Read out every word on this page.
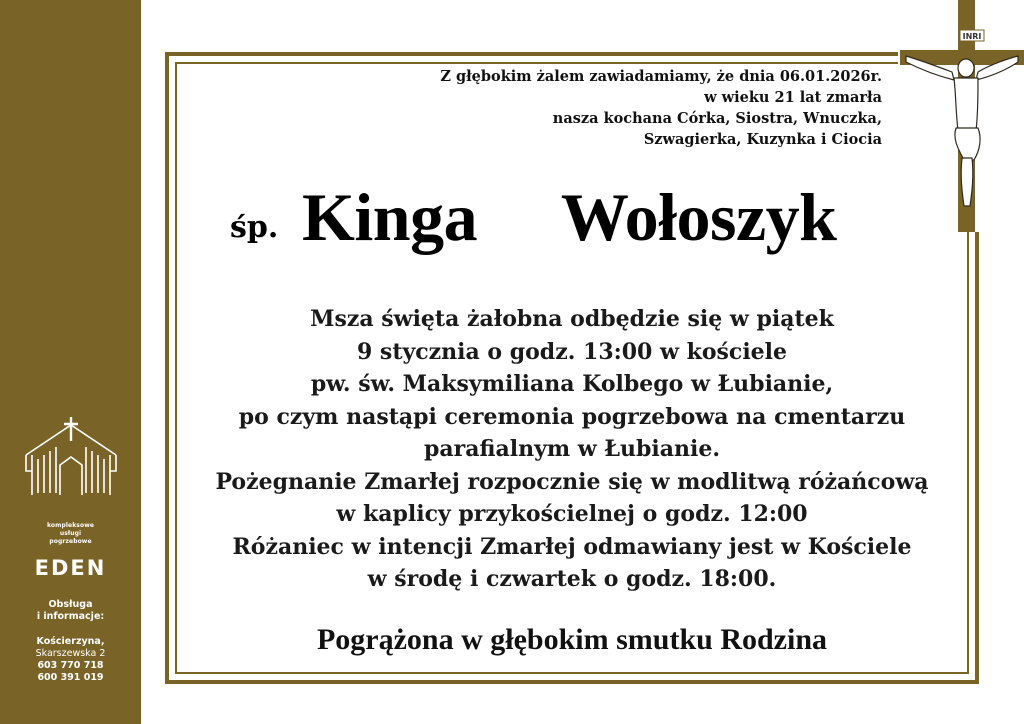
kompleksowe
usługi
pogrzebowe
EDEN
Obsługa
i informacje:
Kościerzyna,
Skarszewska 2
603 770 718
600 391 019
INRI
Z głębokim żalem zawiadamiamy, że dnia 06.01.2026r.
w wieku 21 lat zmarła
nasza kochana Córka, Siostra, Wnuczka,
Szwagierka, Kuzynka i Ciocia
śp. Kinga  Wołoszyk
Msza święta żałobna odbędzie się w piątek
9 stycznia o godz. 13:00 w kościele
pw. św. Maksymiliana Kolbego w Łubianie,
po czym nastąpi ceremonia pogrzebowa na cmentarzu
parafialnym w Łubianie.
Pożegnanie Zmarłej rozpocznie się w modlitwą różańcową
w kaplicy przykościelnej o godz. 12:00
Różaniec w intencji Zmarłej odmawiany jest w Kościele
w środę i czwartek o godz. 18:00.
Pogrążona w głębokim smutku Rodzina
